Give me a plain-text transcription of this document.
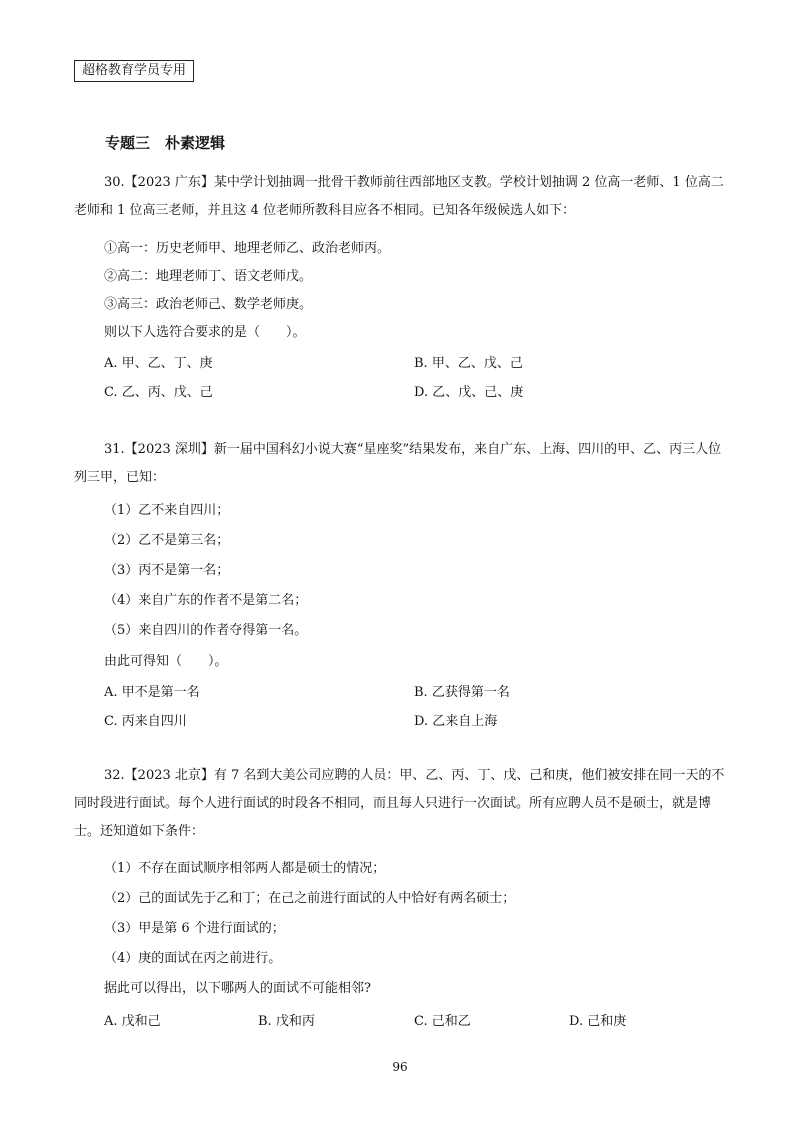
超格教育学员专用
专题三　朴素逻辑
30.【2023 广东】某中学计划抽调一批骨干教师前往西部地区支教。学校计划抽调 2 位高一老师、1 位高二老师和 1 位高三老师，并且这 4 位老师所教科目应各不相同。已知各年级候选人如下：
①高一：历史老师甲、地理老师乙、政治老师丙。
②高二：地理老师丁、语文老师戊。
③高三：政治老师己、数学老师庚。
则以下人选符合要求的是（　　）。
A. 甲、乙、丁、庚	B. 甲、乙、戊、己
C. 乙、丙、戊、己	D. 乙、戊、己、庚
31.【2023 深圳】新一届中国科幻小说大赛“星座奖”结果发布，来自广东、上海、四川的甲、乙、丙三人位列三甲，已知：
（1）乙不来自四川；
（2）乙不是第三名；
（3）丙不是第一名；
（4）来自广东的作者不是第二名；
（5）来自四川的作者夺得第一名。
由此可得知（　　）。
A. 甲不是第一名	B. 乙获得第一名
C. 丙来自四川	D. 乙来自上海
32.【2023 北京】有 7 名到大美公司应聘的人员：甲、乙、丙、丁、戊、己和庚，他们被安排在同一天的不同时段进行面试。每个人进行面试的时段各不相同，而且每人只进行一次面试。所有应聘人员不是硕士，就是博士。还知道如下条件：
（1）不存在面试顺序相邻两人都是硕士的情况；
（2）己的面试先于乙和丁；在己之前进行面试的人中恰好有两名硕士；
（3）甲是第 6 个进行面试的；
（4）庚的面试在丙之前进行。
据此可以得出，以下哪两人的面试不可能相邻?
A. 戊和己	B. 戊和丙	C. 己和乙	D. 己和庚
96
